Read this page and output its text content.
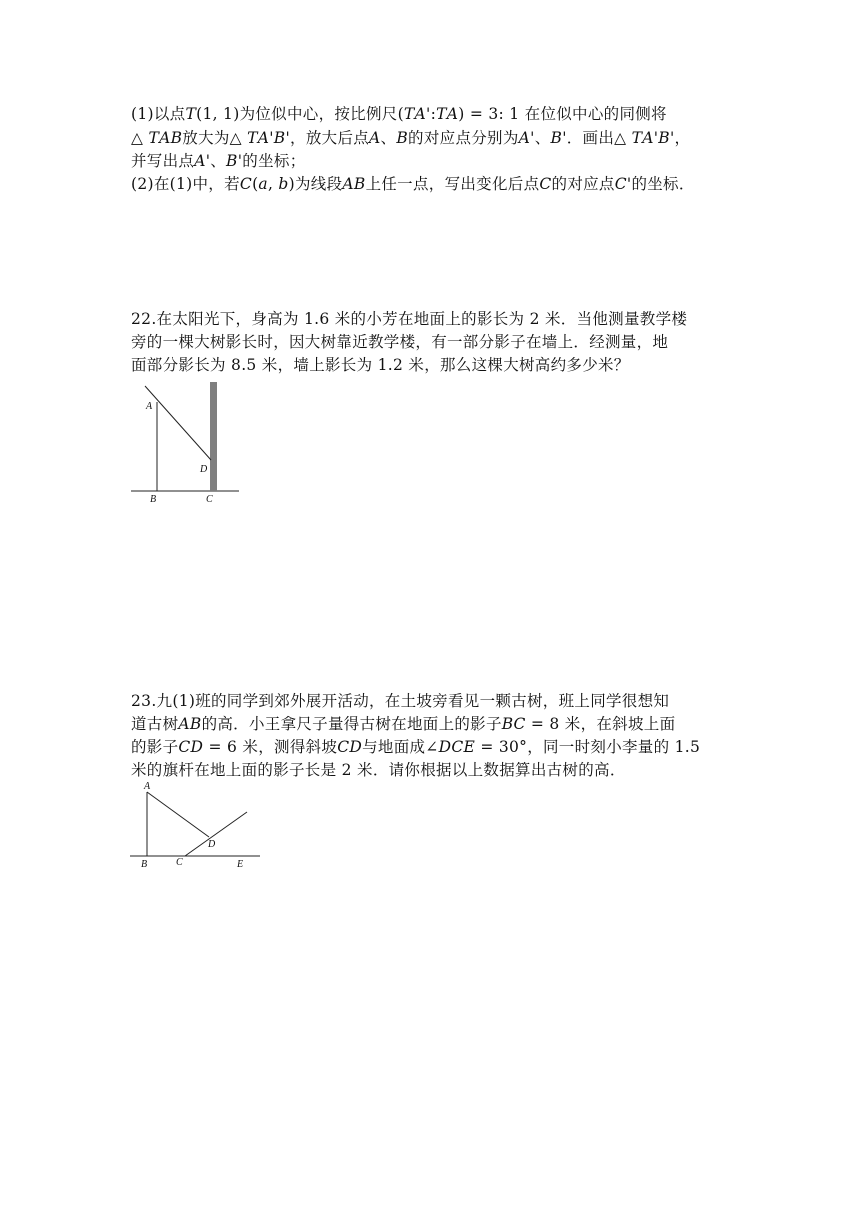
(1)以点𝑇(1, 1)为位似中心，按比例尺(𝑇𝐴':𝑇𝐴) = 3: 1 在位似中心的同侧将
△ 𝑇𝐴𝐵放大为△ 𝑇𝐴'𝐵'，放大后点𝐴、𝐵的对应点分别为𝐴'、𝐵'．画出△ 𝑇𝐴'𝐵'，
并写出点𝐴'、𝐵'的坐标；
(2)在(1)中，若𝐶(𝑎, 𝑏)为线段𝐴𝐵上任一点，写出变化后点𝐶的对应点𝐶'的坐标．
22.在太阳光下，身高为 1.6 米的小芳在地面上的影长为 2 米．当他测量教学楼
旁的一棵大树影长时，因大树靠近教学楼，有一部分影子在墙上．经测量，地
面部分影长为 8.5 米，墙上影长为 1.2 米，那么这棵大树高约多少米？
A
D
B	C
23.九(1)班的同学到郊外展开活动，在土坡旁看见一颗古树，班上同学很想知
道古树𝐴𝐵的高．小王拿尺子量得古树在地面上的影子𝐵𝐶 = 8 米，在斜坡上面
的影子𝐶𝐷 = 6 米，测得斜坡𝐶𝐷与地面成∠𝐷𝐶𝐸 = 30°，同一时刻小李量的 1.5
米的旗杆在地上面的影子长是 2 米．请你根据以上数据算出古树的高．
A
D
B	C	E
